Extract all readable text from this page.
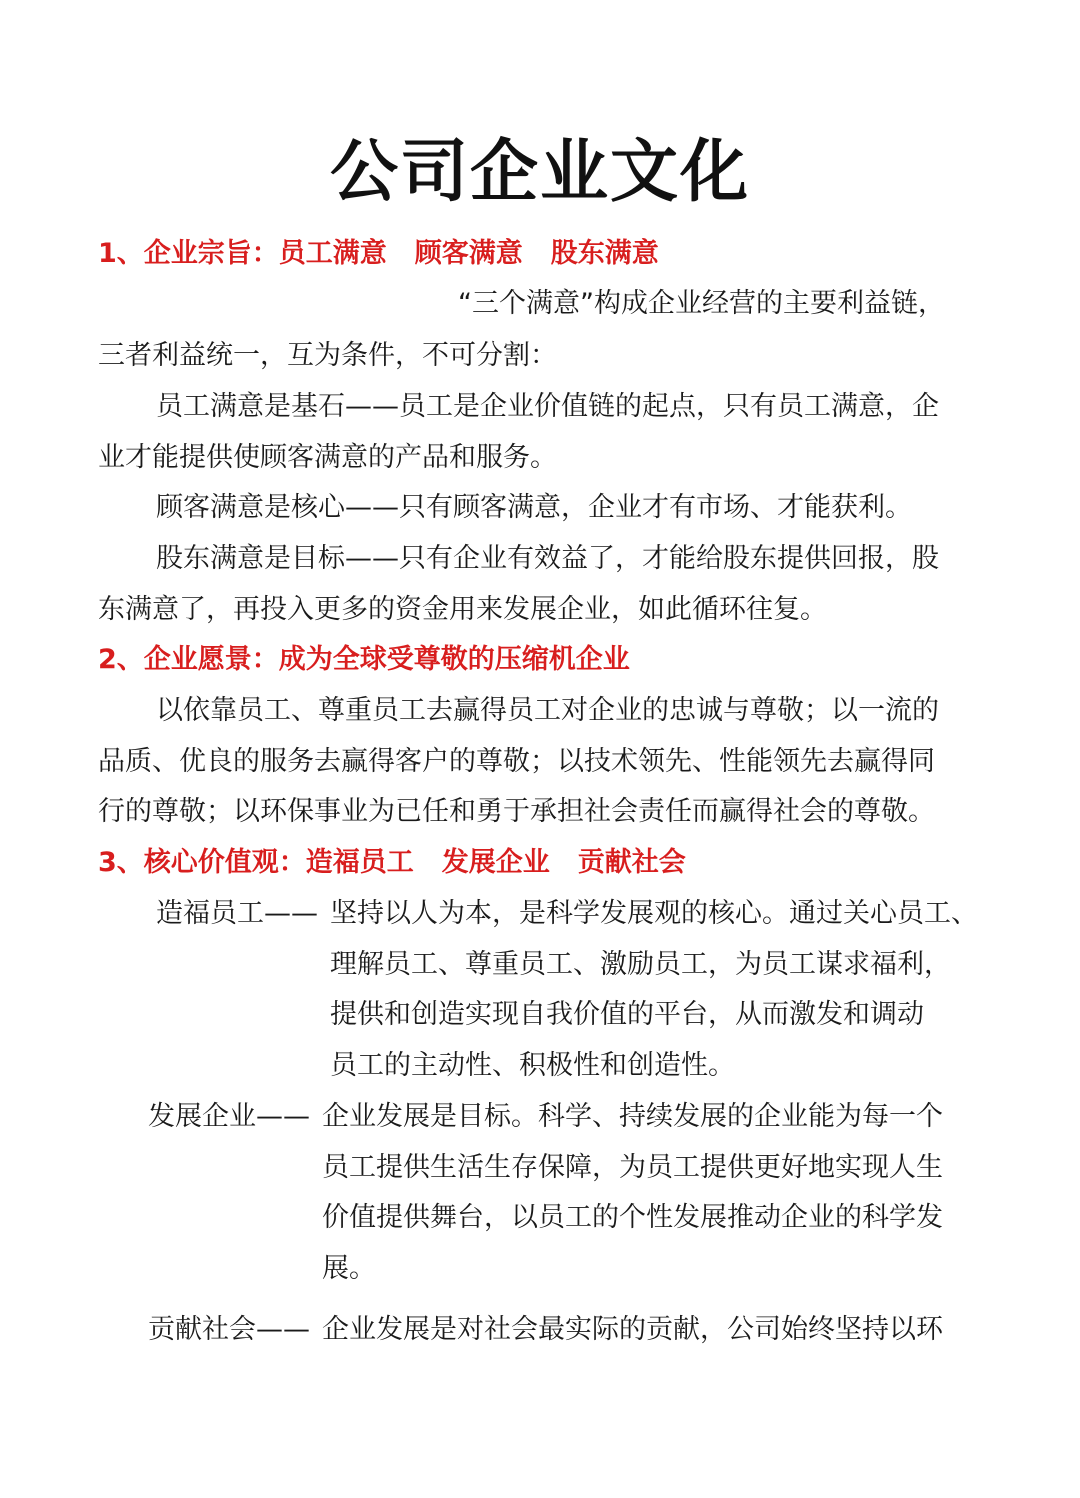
公司企业文化
1、企业宗旨：员工满意 顾客满意 股东满意
“三个满意”构成企业经营的主要利益链，
三者利益统一，互为条件，不可分割：
员工满意是基石——员工是企业价值链的起点，只有员工满意，企
业才能提供使顾客满意的产品和服务。
顾客满意是核心——只有顾客满意，企业才有市场、才能获利。
股东满意是目标——只有企业有效益了，才能给股东提供回报，股
东满意了，再投入更多的资金用来发展企业，如此循环往复。
2、企业愿景：成为全球受尊敬的压缩机企业
以依靠员工、尊重员工去赢得员工对企业的忠诚与尊敬；以一流的
品质、优良的服务去赢得客户的尊敬；以技术领先、性能领先去赢得同
行的尊敬；以环保事业为已任和勇于承担社会责任而赢得社会的尊敬。
3、核心价值观：造福员工 发展企业 贡献社会
造福员工—— 坚持以人为本，是科学发展观的核心。通过关心员工、
理解员工、尊重员工、激励员工，为员工谋求福利，
提供和创造实现自我价值的平台，从而激发和调动
员工的主动性、积极性和创造性。
发展企业—— 企业发展是目标。科学、持续发展的企业能为每一个
员工提供生活生存保障，为员工提供更好地实现人生
价值提供舞台，以员工的个性发展推动企业的科学发
展。
贡献社会—— 企业发展是对社会最实际的贡献，公司始终坚持以环
